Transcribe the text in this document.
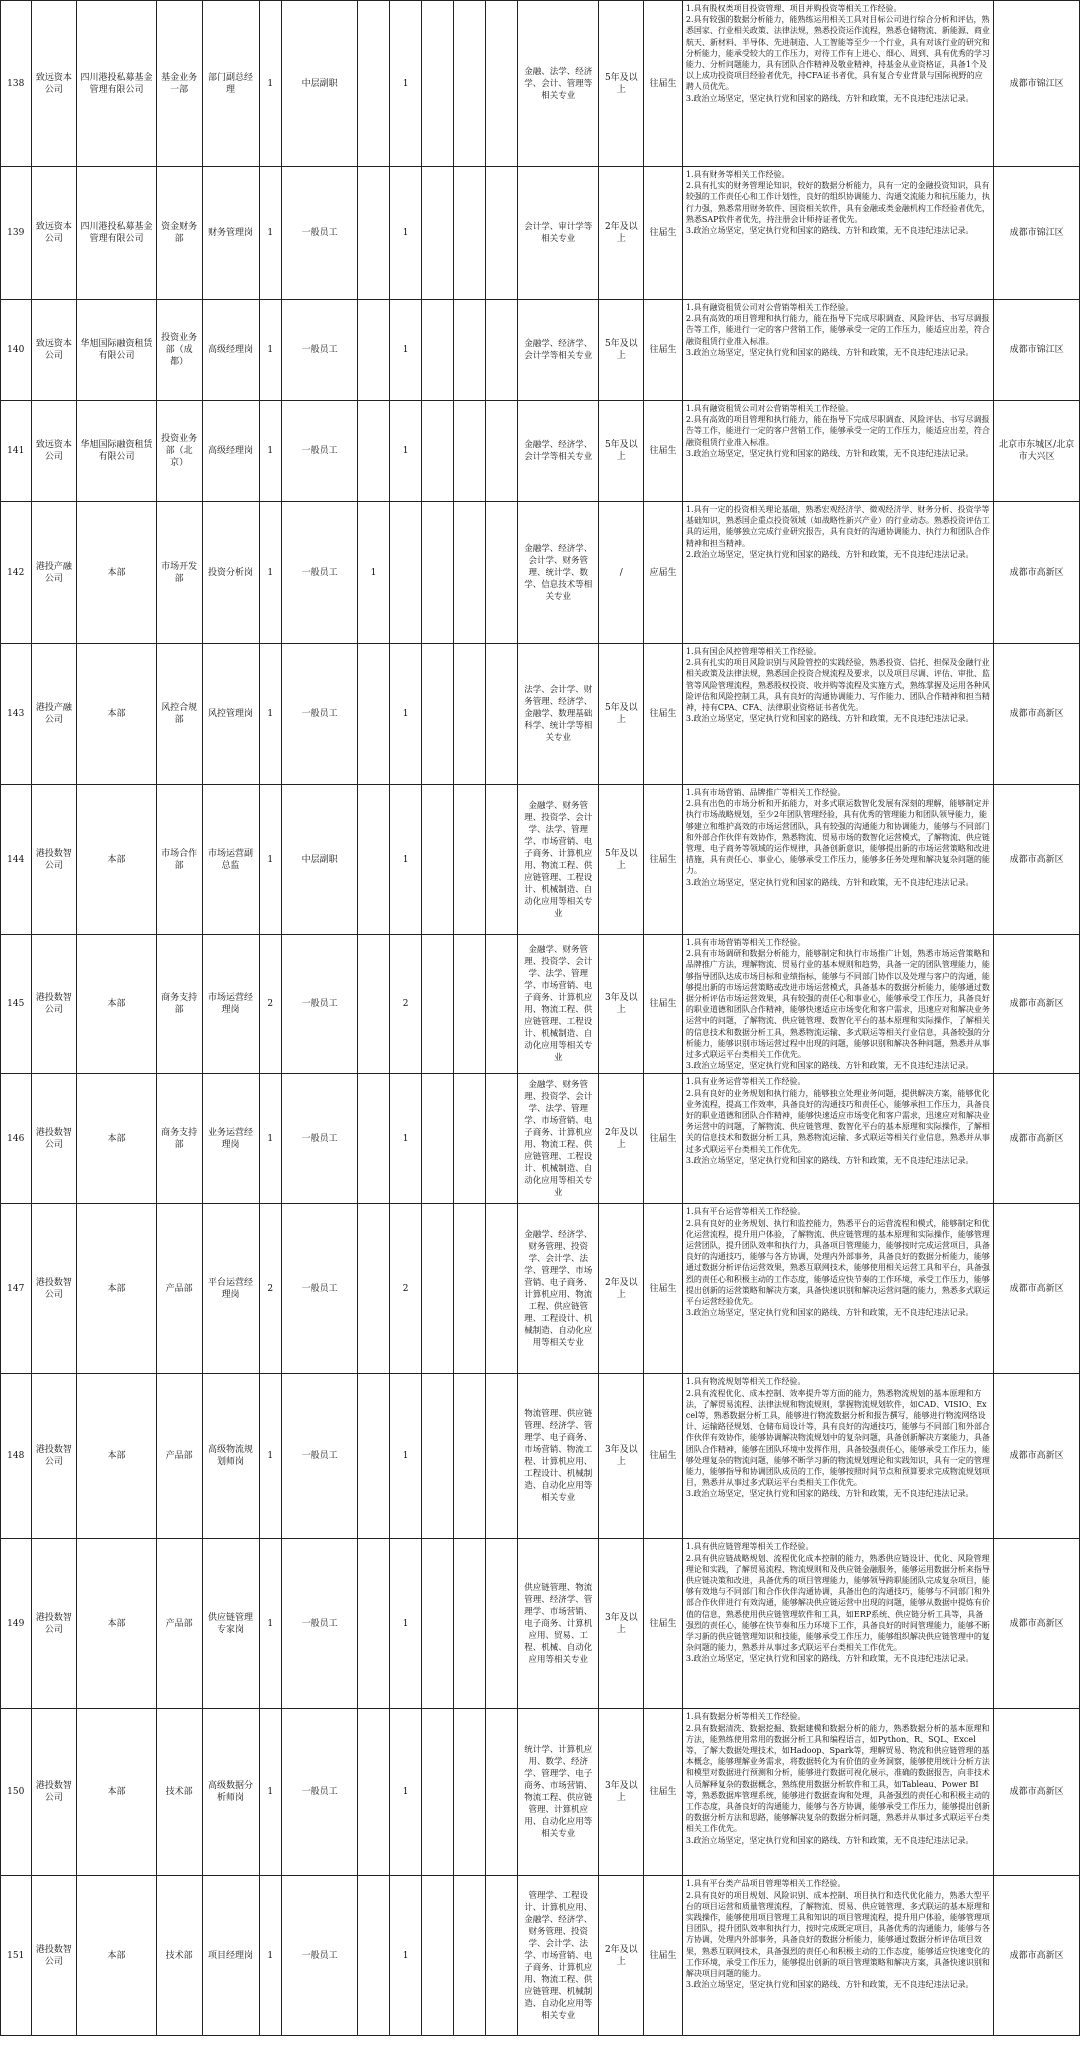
138	致远资本公司	四川港投私募基金管理有限公司	基金业务一部	部门副总经理	1	中层副职		1				金融、法学、经济学、会计、管理等相关专业	5年及以上	往届生	1.具有股权类项目投资管理、项目并购投资等相关工作经验。
2.具有较强的数据分析能力，能熟练运用相关工具对目标公司进行综合分析和评估，熟悉国家、行业相关政策、法律法规，熟悉投资运作流程，熟悉仓储物流、新能源、商业航天、新材料、半导体、先进制造、人工智能等至少一个行业，具有对该行业的研究和分析能力，能承受较大的工作压力，对待工作有上进心、细心、周到、具有优秀的学习能力、分析问题能力，具有团队合作精神及敬业精神，持基金从业资格证，具备1个及以上成功投资项目经验者优先，持CFA证书者优，具有复合专业背景与国际视野的应聘人员优先。
3.政治立场坚定，坚定执行党和国家的路线、方针和政策，无不良违纪违法记录。	成都市锦江区
139	致远资本公司	四川港投私募基金管理有限公司	资金财务部	财务管理岗	1	一般员工		1				会计学、审计学等相关专业	2年及以上	往届生	1.具有财务等相关工作经验。
2.具有扎实的财务管理论知识，较好的数据分析能力，具有一定的金融投资知识，具有较强的工作责任心和工作计划性，良好的组织协调能力、沟通交流能力和抗压能力，执行力强，熟悉常用财务软件、国资相关软件，具有金融或类金融机构工作经验者优先，熟悉SAP软件者优先，持注册会计师持证者优先。
3.政治立场坚定，坚定执行党和国家的路线、方针和政策，无不良违纪违法记录。	成都市锦江区
140	致远资本公司	华旭国际融资租赁有限公司	投资业务部（成都）	高级经理岗	1	一般员工		1				金融学、经济学、会计学等相关专业	5年及以上	往届生	1.具有融资租赁公司对公营销等相关工作经验。
2.具有高效的项目管理和执行能力，能在指导下完成尽职调查、风险评估、书写尽调报告等工作，能进行一定的客户营销工作，能够承受一定的工作压力，能适应出差，符合融资租赁行业准入标准。
3.政治立场坚定，坚定执行党和国家的路线、方针和政策，无不良违纪违法记录。	成都市锦江区
141	致远资本公司	华旭国际融资租赁有限公司	投资业务部（北京）	高级经理岗	1	一般员工		1				金融学、经济学、会计学等相关专业	5年及以上	往届生	1.具有融资租赁公司对公营销等相关工作经验。
2.具有高效的项目管理和执行能力，能在指导下完成尽职调查、风险评估、书写尽调报告等工作，能进行一定的客户营销工作，能够承受一定的工作压力，能适应出差，符合融资租赁行业准入标准。
3.政治立场坚定，坚定执行党和国家的路线、方针和政策，无不良违纪违法记录。	北京市东城区/北京市大兴区
142	港投产融公司	本部	市场开发部	投资分析岗	1	一般员工	1					金融学、经济学、会计学、财务管理、统计学、数学、信息技术等相关专业	/	应届生	1.具有一定的投资相关理论基础，熟悉宏观经济学、微观经济学、财务分析、投资学等基础知识，熟悉国企重点投资领域（如战略性新兴产业）的行业动态。熟悉投资评估工具的运用，能够独立完成行业研究报告，具有良好的沟通协调能力、执行力和团队合作精神和担当精神。
2.政治立场坚定，坚定执行党和国家的路线、方针和政策，无不良违纪违法记录。	成都市高新区
143	港投产融公司	本部	风控合规部	风控管理岗	1	一般员工		1				法学、会计学、财务管理、经济学、金融学、数理基础科学、统计学等相关专业	5年及以上	往届生	1.具有国企风控管理等相关工作经验。
2.具有扎实的项目风险识别与风险管控的实践经验，熟悉投资、信托、担保及金融行业相关政策及法律法规，熟悉国企投资合规流程及要求，以及项目尽调、评估、审批、监管等风险管理流程，熟悉股权投资、收并购等流程及实施方式，熟练掌握及运用各种风险评估和风险控制工具，具有良好的沟通协调能力、写作能力、团队合作精神和担当精神，持有CPA、CFA、法律职业资格证书者优先。
3.政治立场坚定，坚定执行党和国家的路线、方针和政策，无不良违纪违法记录。	成都市高新区
144	港投数智公司	本部	市场合作部	市场运营副总监	1	中层副职		1				金融学、财务管理、投资学、会计学、法学、管理学、市场营销、电子商务、计算机应用、物流工程、供应链管理、工程设计、机械制造、自动化应用等相关专业	5年及以上	往届生	1.具有市场营销、品牌推广等相关工作经验。
2.具有出色的市场分析和开拓能力，对多式联运数智化发展有深刻的理解，能够制定并执行市场战略规划，至少2年团队管理经验，具有优秀的管理能力和团队领导能力，能够建立和维护高效的市场运营团队，具有较强的沟通能力和协调能力，能够与不同部门和外部合作伙伴有效协作，熟悉物流、贸易市场的数智化运营模式，了解物流、供应链管理、电子商务等领域的运作规律，具备创新意识，能够提出新的市场运营策略和改进措施，具有责任心、事业心，能够承受工作压力，能够多任务处理和解决复杂问题的能力。
3.政治立场坚定，坚定执行党和国家的路线、方针和政策，无不良违纪违法记录。	成都市高新区
145	港投数智公司	本部	商务支持部	市场运营经理岗	2	一般员工		2				金融学、财务管理、投资学、会计学、法学、管理学、市场营销、电子商务、计算机应用、物流工程、供应链管理、工程设计、机械制造、自动化应用等相关专业	3年及以上	往届生	1.具有市场营销等相关工作经验。
2.具有市场调研和数据分析能力，能够制定和执行市场推广计划，熟悉市场运营策略和品牌推广方法，理解物流、贸易行业的基本规则和趋势，具备一定的团队管理能力，能够指导团队达成市场目标和业绩指标，能够与不同部门协作以及处理与客户的沟通，能够提出新的市场运营策略或改进市场运营模式，具备基本的数据分析能力，能够通过数据分析评估市场运营效果，具有较强的责任心和事业心，能够承受工作压力，具备良好的职业道德和团队合作精神，能够快速适应市场变化和客户需求，迅速应对和解决业务运营中的问题，了解物流、供应链管理、数智化平台的基本原理和实际操作，了解相关的信息技术和数据分析工具，熟悉物流运输、多式联运等相关行业信息，具备较强的分析能力，能够识别市场运营过程中出现的问题，能够识别和解决各种问题，熟悉并从事过多式联运平台类相关工作优先。
3.政治立场坚定，坚定执行党和国家的路线、方针和政策，无不良违纪违法记录。	成都市高新区
146	港投数智公司	本部	商务支持部	业务运营经理岗	1	一般员工		1				金融学、财务管理、投资学、会计学、法学、管理学、市场营销、电子商务、计算机应用、物流工程、供应链管理、工程设计、机械制造、自动化应用等相关专业	2年及以上	往届生	1.具有业务运营等相关工作经验。
2.具有良好的业务规划和执行能力，能够独立处理业务问题，提供解决方案，能够优化业务流程，提高工作效率，具备良好的沟通技巧和责任心，能够承担工作压力，具备良好的职业道德和团队合作精神，能够快速适应市场变化和客户需求，迅速应对和解决业务运营中的问题，了解物流、供应链管理、数智化平台的基本原理和实际操作，了解相关的信息技术和数据分析工具，熟悉物流运输、多式联运等相关行业信息，熟悉并从事过多式联运平台类相关工作优先。
3.政治立场坚定，坚定执行党和国家的路线、方针和政策，无不良违纪违法记录。	成都市高新区
147	港投数智公司	本部	产品部	平台运营经理岗	2	一般员工		2				金融学、经济学、财务管理、投资学、会计学、法学、管理学、市场营销、电子商务、计算机应用、物流工程、供应链管理、工程设计、机械制造、自动化应用等相关专业	2年及以上	往届生	1.具有平台运营等相关工作经验。
2.具有良好的业务规划、执行和监控能力，熟悉平台的运营流程和模式，能够制定和优化运营流程，提升用户体验，了解物流、供应链管理的基本原理和实际操作，能够管理运营团队，提升团队效率和执行力，具备项目管理能力，能够按时完成运营项目，具备良好的沟通技巧，能够与各方协调，处理内外部事务，具备良好的数据分析能力，能够通过数据分析评估运营效果，熟悉互联网技术，能够使用相关运营工具和平台，具备强烈的责任心和积极主动的工作态度，能够适应快节奏的工作环境，承受工作压力，能够提出创新的运营策略和解决方案，具备快速识别和解决运营问题的能力，熟悉多式联运平台运营经验优先。
3.政治立场坚定，坚定执行党和国家的路线、方针和政策，无不良违纪违法记录。	成都市高新区
148	港投数智公司	本部	产品部	高级物流规划师岗	1	一般员工		1				物流管理、供应链管理、经济学、管理学、电子商务、市场营销、物流工程、计算机应用、工程设计、机械制造、自动化应用等相关专业	3年及以上	往届生	1.具有物流规划等相关工作经验。
2.具有流程优化、成本控制、效率提升等方面的能力，熟悉物流规划的基本原理和方法，了解贸易流程、法律法规和物流规则，掌握物流规划软件，如CAD、VISIO、Excel等，熟悉数据分析工具，能够进行物流数据分析和报告撰写，能够进行物流网络设计、运输路径规划、仓储布局设计等，具有良好的沟通技巧，能够与不同部门和外部合作伙伴有效协作，能够协调解决物流规划中的复杂问题，具备创新解决方案能力，具备团队合作精神，能够在团队环境中发挥作用，具备较强责任心，能够承受工作压力，能够处理复杂的物流问题，能够不断学习新的物流规划理论和实践知识，具有一定的管理能力，能够指导和协调团队成员的工作，能够按照时间节点和预算要求完成物流规划项目，熟悉并从事过多式联运平台类相关工作优先。
3.政治立场坚定，坚定执行党和国家的路线、方针和政策，无不良违纪违法记录。	成都市高新区
149	港投数智公司	本部	产品部	供应链管理专家岗	1	一般员工		1				供应链管理、物流管理、经济学、管理学、市场营销、电子商务、计算机应用、贸易、工程、机械、自动化应用等相关专业	3年及以上	往届生	1.具有供应链管理等相关工作经验。
2.具有供应链战略规划、流程优化成本控制的能力，熟悉供应链设计、优化、风险管理理论和实践，了解贸易流程、物流规则和及供应链金融服务，能够运用数据分析来指导供应链决策和改进，具备优秀的项目管理能力，能够领导跨职能团队完成复杂项目，能够有效地与不同部门和合作伙伴沟通协调，具备出色的沟通技巧，能够与不同部门和外部合作伙伴进行有效沟通，能够解决供应链运营中出现的问题，能够从数据中提炼有价值的信息，熟悉使用供应链管理软件和工具，如ERP系统、供应链分析工具等，具备强烈的责任心，能够在快节奏和压力环境下工作，具备良好的时间管理能力，能够不断学习新的供应链管理知识和技能，能够承受工作压力，能够组织解决供应链管理中的复杂问题的能力，熟悉并从事过多式联运平台类相关工作优先。
3.政治立场坚定，坚定执行党和国家的路线、方针和政策，无不良违纪违法记录。	成都市高新区
150	港投数智公司	本部	技术部	高级数据分析师岗	1	一般员工		1				统计学、计算机应用、数学、经济学、管理学、电子商务、市场营销、物流工程、供应链管理、计算机应用、自动化应用等相关专业	3年及以上	往届生	1.具有数据分析等相关工作经验。
2.具有数据清洗、数据挖掘、数据建模和数据分析的能力，熟悉数据分析的基本原理和方法，能熟练使用常用的数据分析工具和编程语言，如Python、R、SQL、Excel等，了解大数据处理技术，如Hadoop、Spark等，理解贸易、物流和供应链管理的基本概念，能够理解业务需求，将数据转化为有价值的业务洞察，能够使用统计分析方法和模型对数据进行预测和分析，能够进行数据可视化展示，准确的数据报告，向非技术人员解释复杂的数据概念，熟练使用数据分析软件和工具，如Tableau、Power BI等，熟悉数据库管理系统，能够进行数据查询和处理，具备强烈的责任心和积极主动的工作态度，具备良好的沟通能力，能够与各方协调，能够承受工作压力，能够提出创新的数据分析方法和思路，能够解决复杂的数据分析问题，熟悉并从事过多式联运平台类相关工作优先。
3.政治立场坚定，坚定执行党和国家的路线、方针和政策，无不良违纪违法记录。	成都市高新区
151	港投数智公司	本部	技术部	项目经理岗	1	一般员工		1				管理学、工程设计、计算机应用、金融学、经济学、财务管理、投资学、会计学、法学、市场营销、电子商务、计算机应用、物流工程、供应链管理、机械制造、自动化应用等相关专业	2年及以上	往届生	1.具有平台类产品项目管理等相关工作经验。
2.具有良好的项目规划、风险识别、成本控制、项目执行和迭代优化能力，熟悉大型平台的项目运营和质量管理流程，了解物流、贸易、供应链管理、多式联运的基本原理和实践操作，能够使用项目管理工具和知识的项目管理流程，提升用户体验，能够管理项目团队，提升团队效率和执行力，按时完成既定项目，具备优秀的沟通能力，能够与各方协调，处理内外部事务，具备良好的数据分析能力，能够通过数据分析评估项目效果，熟悉互联网技术，具备强烈的责任心和积极主动的工作态度，能够适应快速变化的工作环境，承受工作压力，能够提出创新的项目管理策略和解决方案，具备快速识别和解决项目问题的能力。
3.政治立场坚定，坚定执行党和国家的路线、方针和政策，无不良违纪违法记录。	成都市高新区
